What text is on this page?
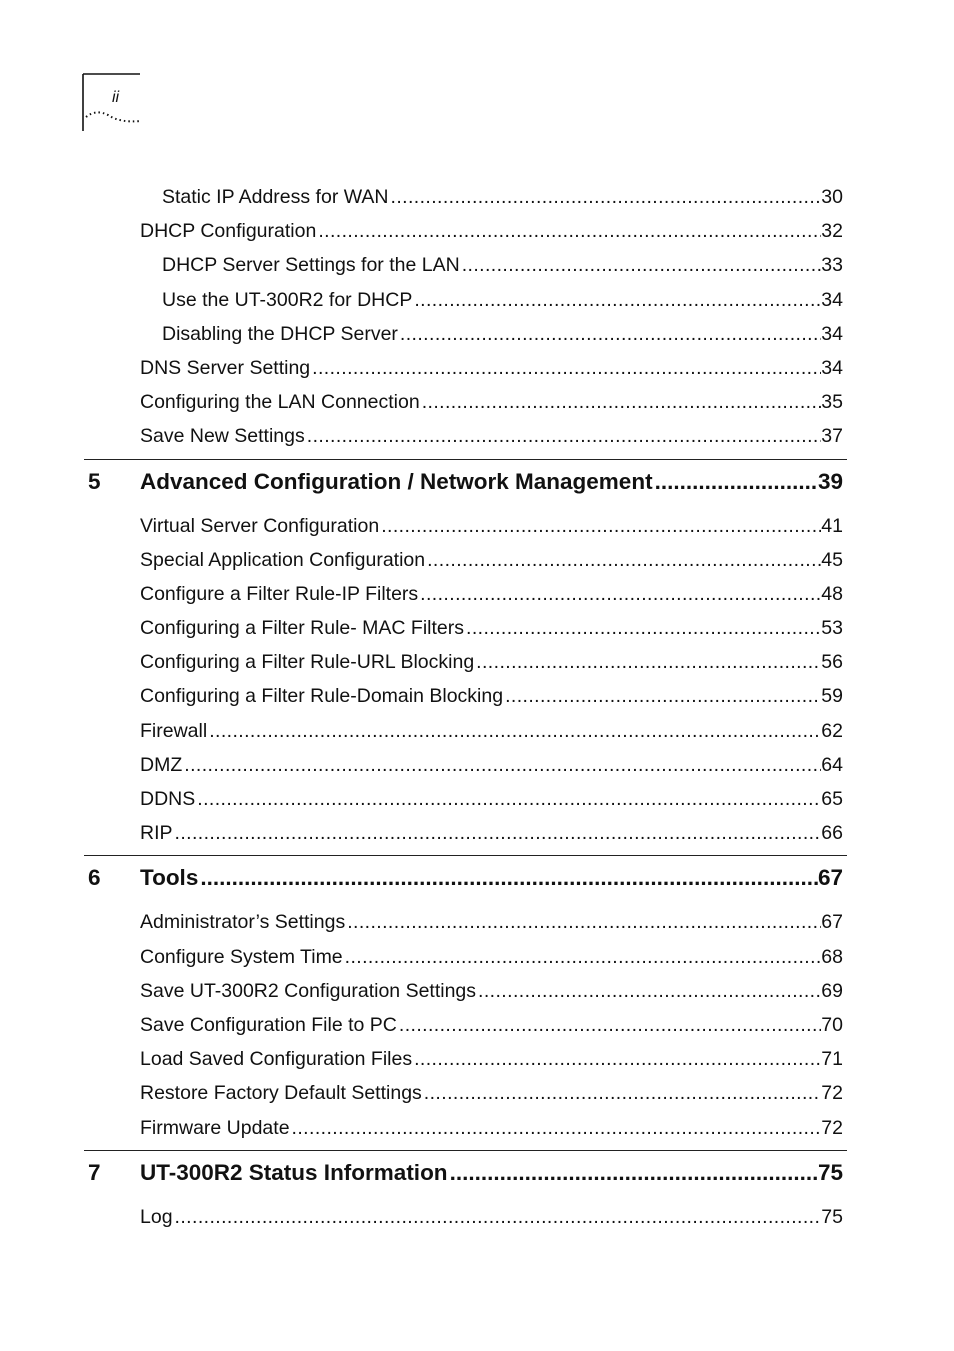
ii
Static IP Address for WAN .....	30
DHCP Configuration .....	32
DHCP Server Settings for the LAN .....	33
Use the UT-300R2 for DHCP .....	34
Disabling the DHCP Server .....	34
DNS Server Setting .....	34
Configuring the LAN Connection .....	35
Save New Settings .....	37
5 Advanced Configuration / Network Management .....	39
Virtual Server Configuration .....	41
Special Application Configuration .....	45
Configure a Filter Rule-IP Filters .....	48
Configuring a Filter Rule- MAC Filters .....	53
Configuring a Filter Rule-URL Blocking .....	56
Configuring a Filter Rule-Domain Blocking .....	59
Firewall .....	62
DMZ .....	64
DDNS .....	65
RIP .....	66
6 Tools .....	67
Administrator’s Settings .....	67
Configure System Time .....	68
Save UT-300R2 Configuration Settings .....	69
Save Configuration File to PC .....	70
Load Saved Configuration Files .....	71
Restore Factory Default Settings .....	72
Firmware Update .....	72
7 UT-300R2 Status Information .....	75
Log .....	75
